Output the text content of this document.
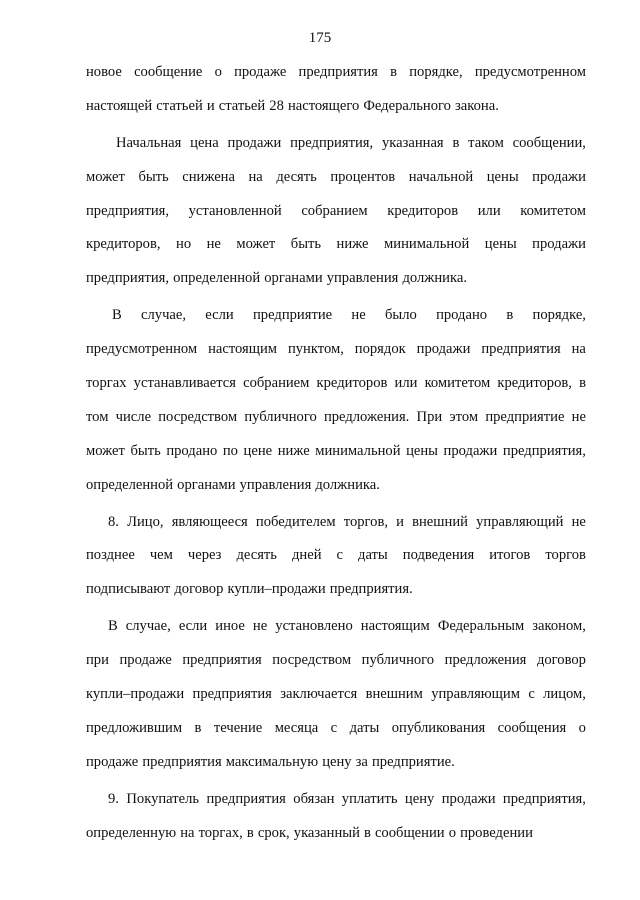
175
новое сообщение о продаже предприятия в порядке, предусмотренном
настоящей статьей и статьей 28 настоящего Федерального закона.
Начальная цена продажи предприятия, указанная в таком сообщении,
может быть снижена на десять процентов начальной цены продажи
предприятия, установленной собранием кредиторов или комитетом
кредиторов, но не может быть ниже минимальной цены продажи
предприятия, определенной органами управления должника.
В случае, если предприятие не было продано в порядке,
предусмотренном настоящим пунктом, порядок продажи предприятия на
торгах устанавливается собранием кредиторов или комитетом кредиторов, в
том числе посредством публичного предложения. При этом предприятие не
может быть продано по цене ниже минимальной цены продажи предприятия,
определенной органами управления должника.
8. Лицо, являющееся победителем торгов, и внешний управляющий не
позднее чем через десять дней с даты подведения итогов торгов
подписывают договор купли–продажи предприятия.
В случае, если иное не установлено настоящим Федеральным законом,
при продаже предприятия посредством публичного предложения договор
купли–продажи предприятия заключается внешним управляющим с лицом,
предложившим в течение месяца с даты опубликования сообщения о
продаже предприятия максимальную цену за предприятие.
9. Покупатель предприятия обязан уплатить цену продажи предприятия,
определенную на торгах, в срок, указанный в сообщении о проведении
